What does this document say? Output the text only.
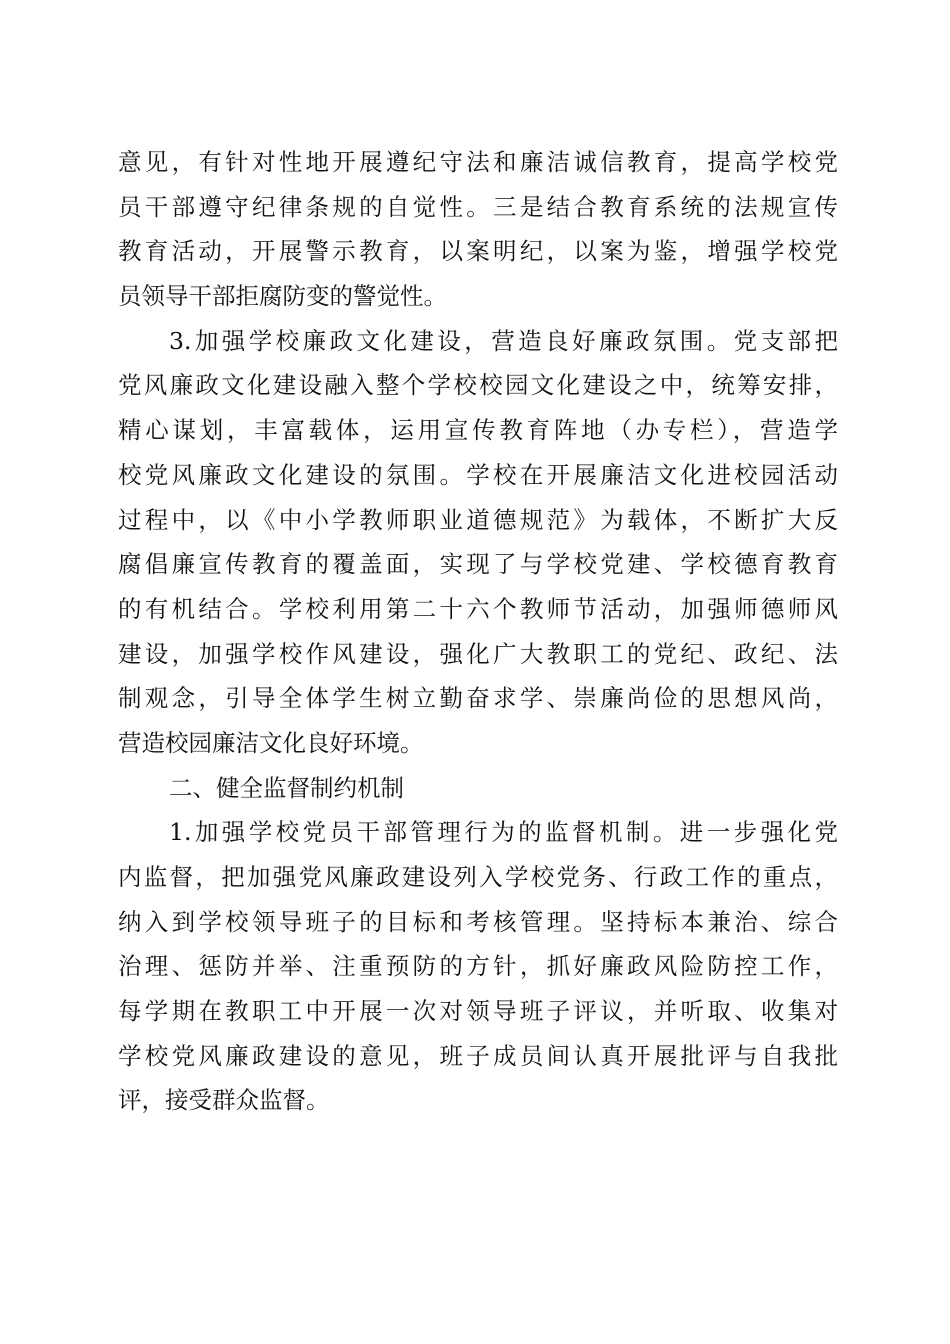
意见，有针对性地开展遵纪守法和廉洁诚信教育，提高学校党
员干部遵守纪律条规的自觉性。三是结合教育系统的法规宣传
教育活动，开展警示教育，以案明纪，以案为鉴，增强学校党
员领导干部拒腐防变的警觉性。
3.加强学校廉政文化建设，营造良好廉政氛围。党支部把
党风廉政文化建设融入整个学校校园文化建设之中，统筹安排，
精心谋划，丰富载体，运用宣传教育阵地（办专栏），营造学
校党风廉政文化建设的氛围。学校在开展廉洁文化进校园活动
过程中，以《中小学教师职业道德规范》为载体，不断扩大反
腐倡廉宣传教育的覆盖面，实现了与学校党建、学校德育教育
的有机结合。学校利用第二十六个教师节活动，加强师德师风
建设，加强学校作风建设，强化广大教职工的党纪、政纪、法
制观念，引导全体学生树立勤奋求学、崇廉尚俭的思想风尚，
营造校园廉洁文化良好环境。
二、健全监督制约机制
1.加强学校党员干部管理行为的监督机制。进一步强化党
内监督，把加强党风廉政建设列入学校党务、行政工作的重点，
纳入到学校领导班子的目标和考核管理。坚持标本兼治、综合
治理、惩防并举、注重预防的方针，抓好廉政风险防控工作，
每学期在教职工中开展一次对领导班子评议，并听取、收集对
学校党风廉政建设的意见，班子成员间认真开展批评与自我批
评，接受群众监督。
